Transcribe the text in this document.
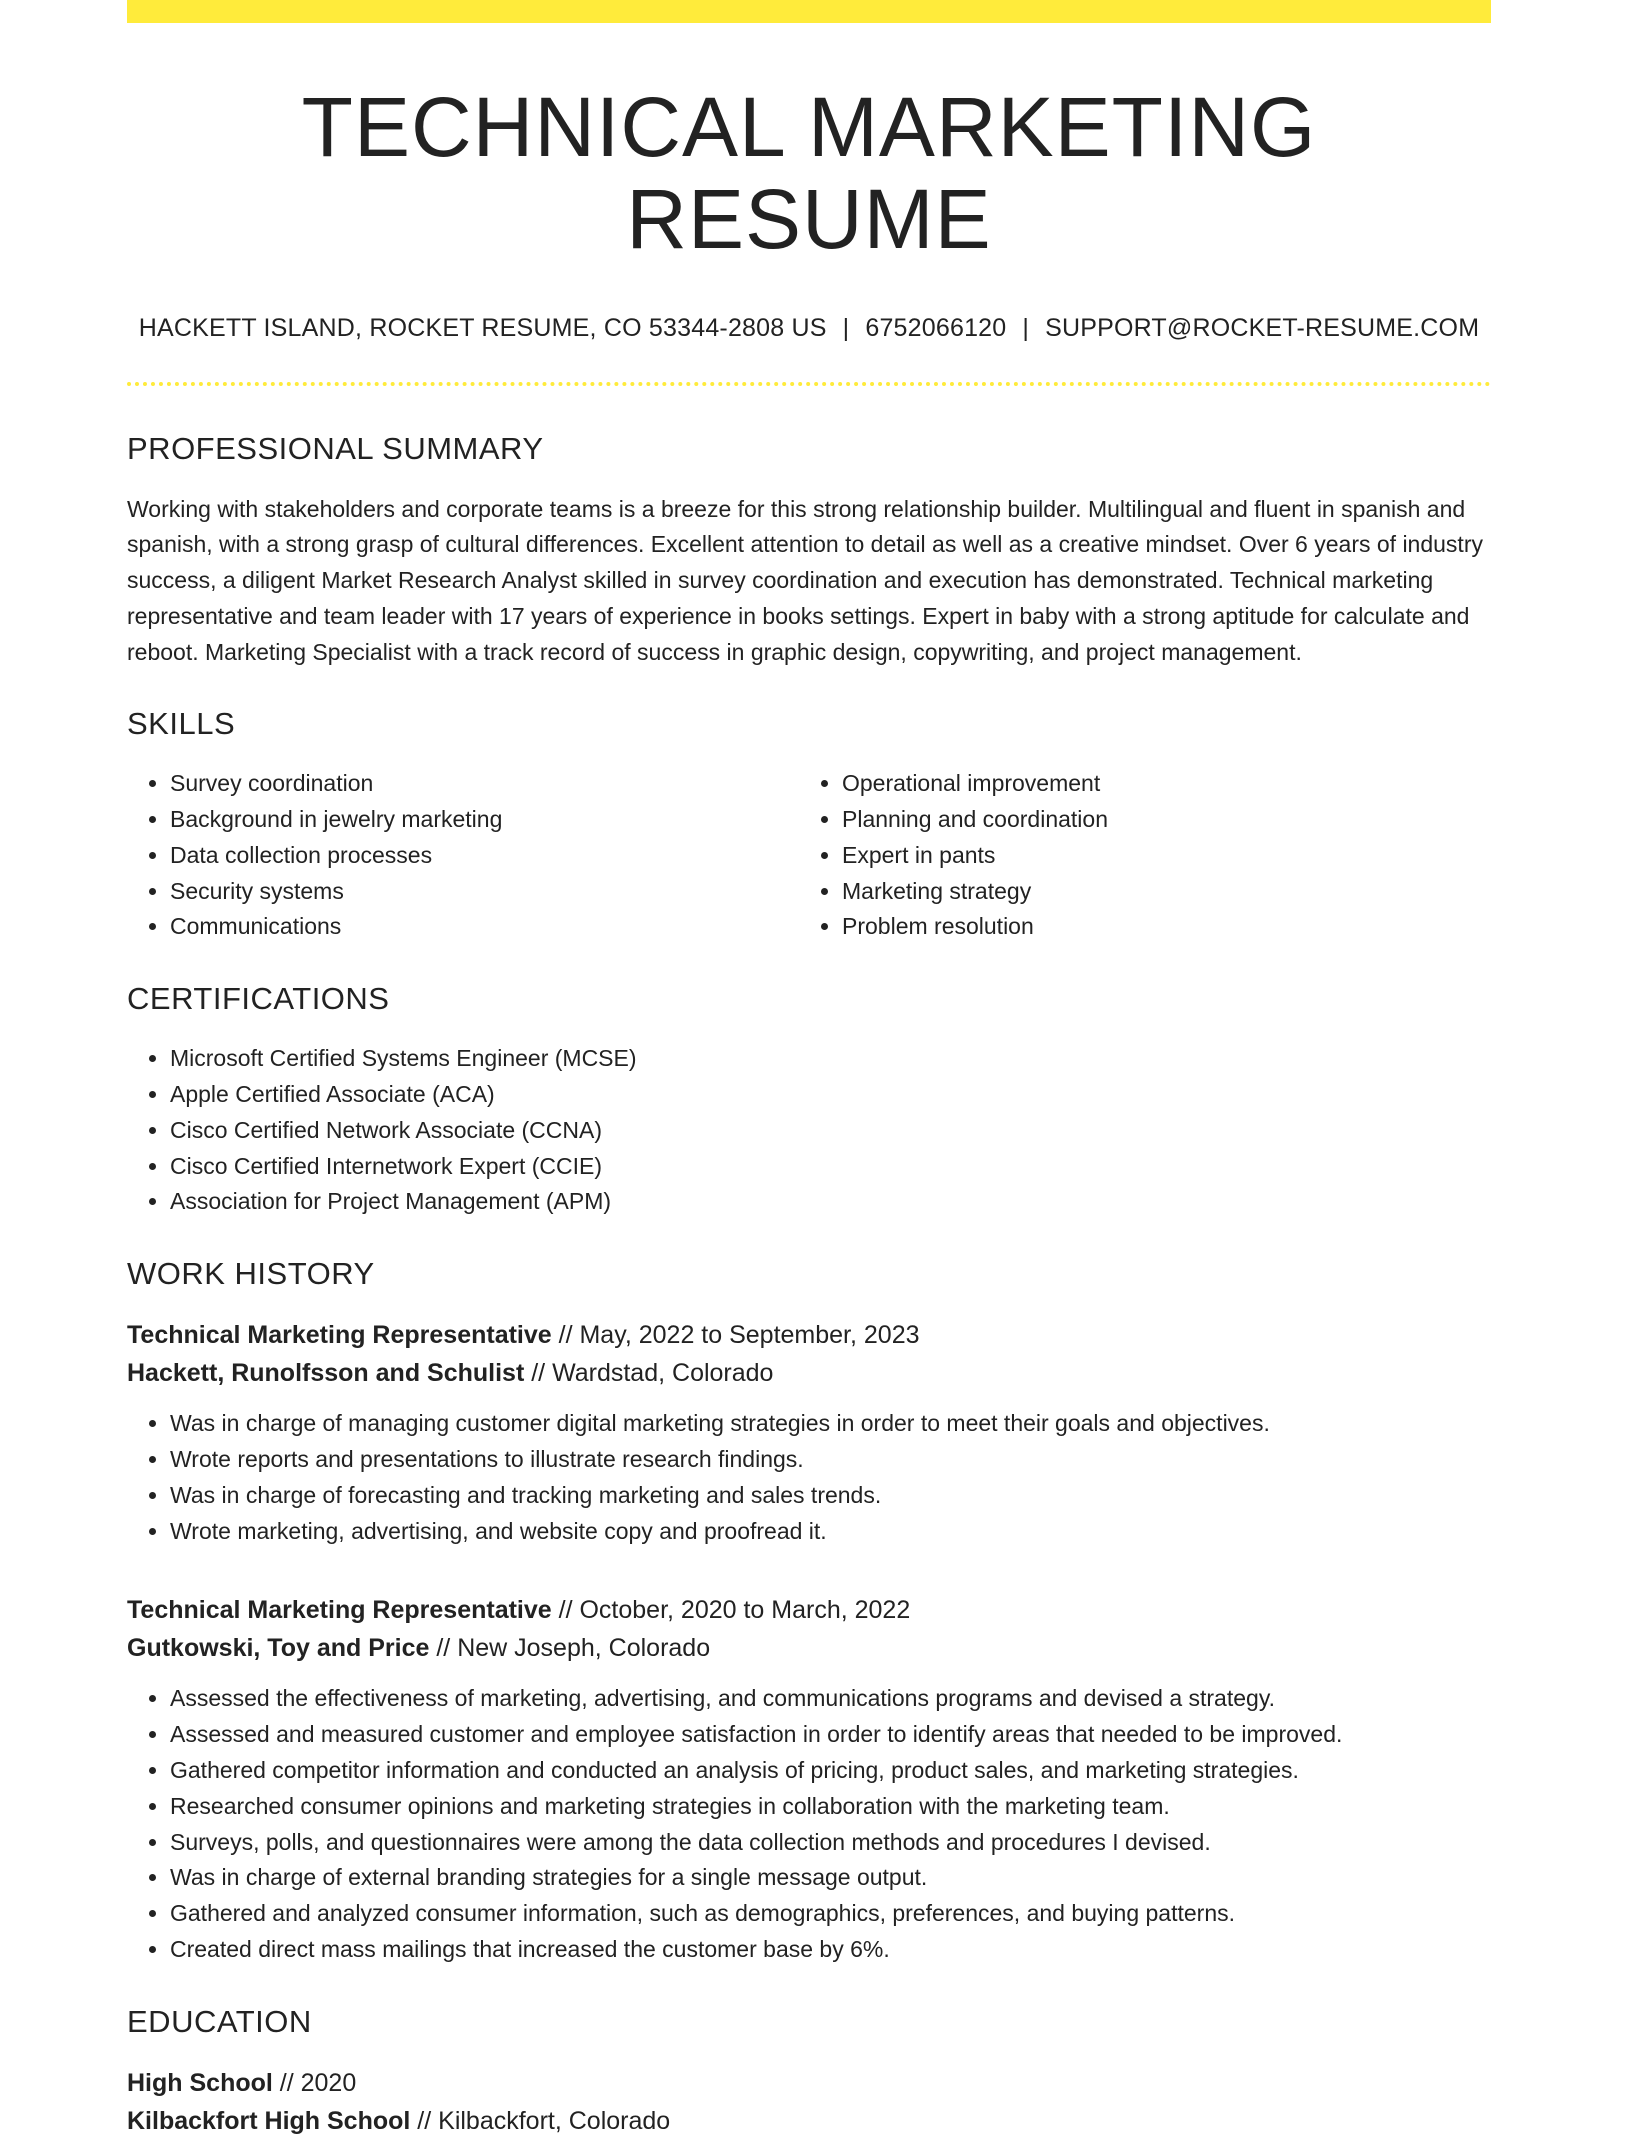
TECHNICAL MARKETING RESUME
HACKETT ISLAND, ROCKET RESUME, CO 53344-2808 US | 6752066120 | SUPPORT@ROCKET-RESUME.COM
PROFESSIONAL SUMMARY
Working with stakeholders and corporate teams is a breeze for this strong relationship builder. Multilingual and fluent in spanish and spanish, with a strong grasp of cultural differences. Excellent attention to detail as well as a creative mindset. Over 6 years of industry success, a diligent Market Research Analyst skilled in survey coordination and execution has demonstrated. Technical marketing representative and team leader with 17 years of experience in books settings. Expert in baby with a strong aptitude for calculate and reboot. Marketing Specialist with a track record of success in graphic design, copywriting, and project management.
SKILLS
• Survey coordination
• Background in jewelry marketing
• Data collection processes
• Security systems
• Communications
• Operational improvement
• Planning and coordination
• Expert in pants
• Marketing strategy
• Problem resolution
CERTIFICATIONS
• Microsoft Certified Systems Engineer (MCSE)
• Apple Certified Associate (ACA)
• Cisco Certified Network Associate (CCNA)
• Cisco Certified Internetwork Expert (CCIE)
• Association for Project Management (APM)
WORK HISTORY
Technical Marketing Representative // May, 2022 to September, 2023
Hackett, Runolfsson and Schulist // Wardstad, Colorado
• Was in charge of managing customer digital marketing strategies in order to meet their goals and objectives.
• Wrote reports and presentations to illustrate research findings.
• Was in charge of forecasting and tracking marketing and sales trends.
• Wrote marketing, advertising, and website copy and proofread it.
Technical Marketing Representative // October, 2020 to March, 2022
Gutkowski, Toy and Price // New Joseph, Colorado
• Assessed the effectiveness of marketing, advertising, and communications programs and devised a strategy.
• Assessed and measured customer and employee satisfaction in order to identify areas that needed to be improved.
• Gathered competitor information and conducted an analysis of pricing, product sales, and marketing strategies.
• Researched consumer opinions and marketing strategies in collaboration with the marketing team.
• Surveys, polls, and questionnaires were among the data collection methods and procedures I devised.
• Was in charge of external branding strategies for a single message output.
• Gathered and analyzed consumer information, such as demographics, preferences, and buying patterns.
• Created direct mass mailings that increased the customer base by 6%.
EDUCATION
High School // 2020
Kilbackfort High School // Kilbackfort, Colorado
